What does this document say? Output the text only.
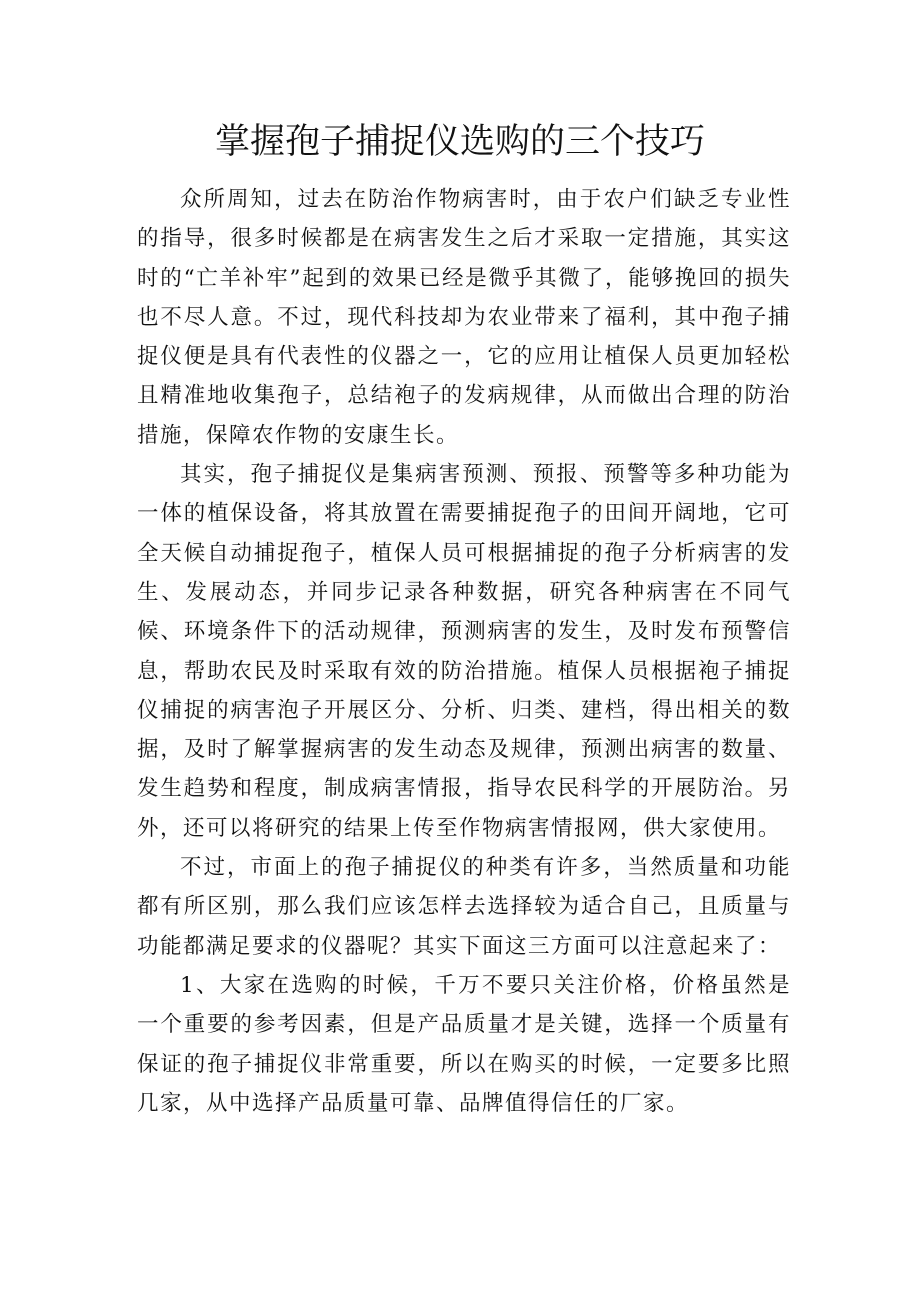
掌握孢子捕捉仪选购的三个技巧

众所周知，过去在防治作物病害时，由于农户们缺乏专业性的指导，很多时候都是在病害发生之后才采取一定措施，其实这时的“亡羊补牢”起到的效果已经是微乎其微了，能够挽回的损失也不尽人意。不过，现代科技却为农业带来了福利，其中孢子捕捉仪便是具有代表性的仪器之一，它的应用让植保人员更加轻松且精准地收集孢子，总结袍子的发病规律，从而做出合理的防治措施，保障农作物的安康生长。

其实，孢子捕捉仪是集病害预测、预报、预警等多种功能为一体的植保设备，将其放置在需要捕捉孢子的田间开阔地，它可全天候自动捕捉孢子，植保人员可根据捕捉的孢子分析病害的发生、发展动态，并同步记录各种数据，研究各种病害在不同气候、环境条件下的活动规律，预测病害的发生，及时发布预警信息，帮助农民及时采取有效的防治措施。植保人员根据袍子捕捉仪捕捉的病害泡子开展区分、分析、归类、建档，得出相关的数据，及时了解掌握病害的发生动态及规律，预测出病害的数量、发生趋势和程度，制成病害情报，指导农民科学的开展防治。另外，还可以将研究的结果上传至作物病害情报网，供大家使用。

不过，市面上的孢子捕捉仪的种类有许多，当然质量和功能都有所区别，那么我们应该怎样去选择较为适合自己，且质量与功能都满足要求的仪器呢？其实下面这三方面可以注意起来了：

1、大家在选购的时候，千万不要只关注价格，价格虽然是一个重要的参考因素，但是产品质量才是关键，选择一个质量有保证的孢子捕捉仪非常重要，所以在购买的时候，一定要多比照几家，从中选择产品质量可靠、品牌值得信任的厂家。
